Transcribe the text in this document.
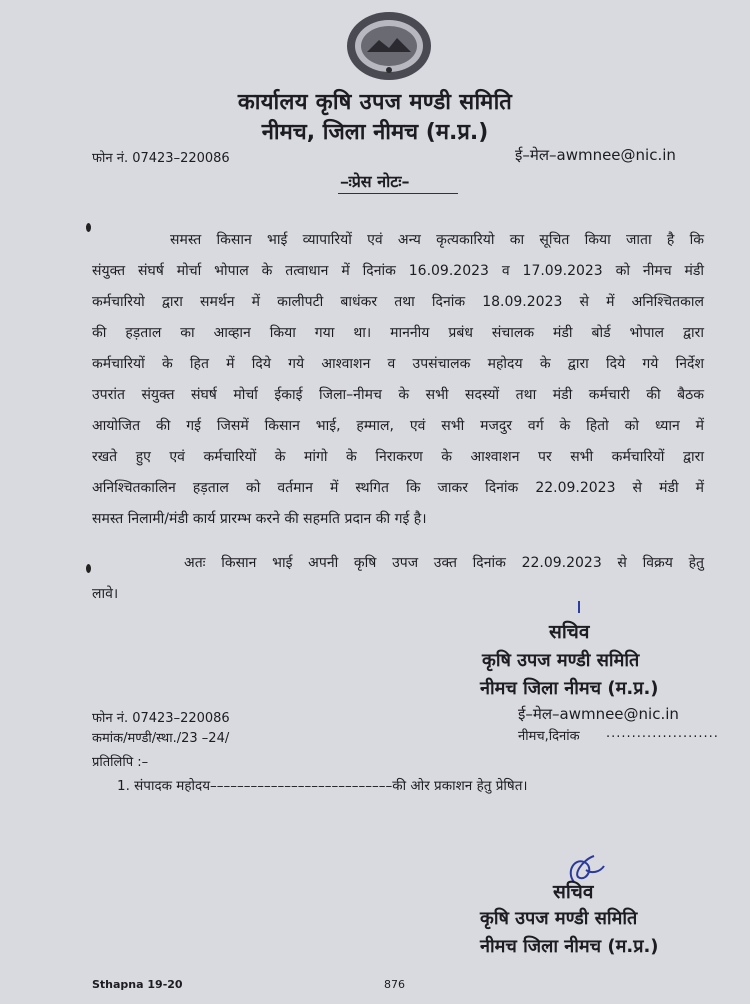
कार्यालय कृषि उपज मण्डी समिति
नीमच, जिला नीमच (म.प्र.)
फोन नं. 07423–220086	ई–मेल–awmnee@nic.in
–ःप्रेस नोटः–
समस्त किसान भाई व्यापारियों एवं अन्य कृत्यकारियो का सूचित किया जाता है कि
संयुक्त संघर्ष मोर्चा भोपाल के तत्वाधान में दिनांक 16.09.2023 व 17.09.2023 को नीमच मंडी
कर्मचारियो द्वारा समर्थन में कालीपटी बाधंकर तथा दिनांक 18.09.2023 से में अनिश्चितकाल
की हड़ताल का आव्हान किया गया था। माननीय प्रबंध संचालक मंडी बोर्ड भोपाल द्वारा
कर्मचारियों के हित में दिये गये आश्वाशन व उपसंचालक महोदय के द्वारा दिये गये निर्देश
उपरांत संयुक्त संघर्ष मोर्चा ईकाई जिला–नीमच के सभी सदस्यों तथा मंडी कर्मचारी की बैठक
आयोजित की गई जिसमें किसान भाई, हम्माल, एवं सभी मजदुर वर्ग के हितो को ध्यान में
रखते हुए एवं कर्मचारियों के मांगो के निराकरण के आश्वाशन पर सभी कर्मचारियों द्वारा
अनिश्चितकालिन हड़ताल को वर्तमान में स्थगित कि जाकर दिनांक 22.09.2023 से मंडी में
समस्त निलामी/मंडी कार्य प्रारम्भ करने की सहमति प्रदान की गई है।
अतः किसान भाई अपनी कृषि उपज उक्त दिनांक 22.09.2023 से विक्रय हेतु
लावे।
सचिव
कृषि उपज मण्डी समिति
नीमच जिला नीमच (म.प्र.)
फोन नं. 07423–220086	ई–मेल–awmnee@nic.in
कमांक/मण्डी/स्था./23 –24/	नीमच,दिनांक ......................
प्रतिलिपि :–
1. संपादक महोदय–––––––––––––––––––––––––––की ओर प्रकाशन हेतु प्रेषित।
सचिव
कृषि उपज मण्डी समिति
नीमच जिला नीमच (म.प्र.)
Sthapna 19-20	876
